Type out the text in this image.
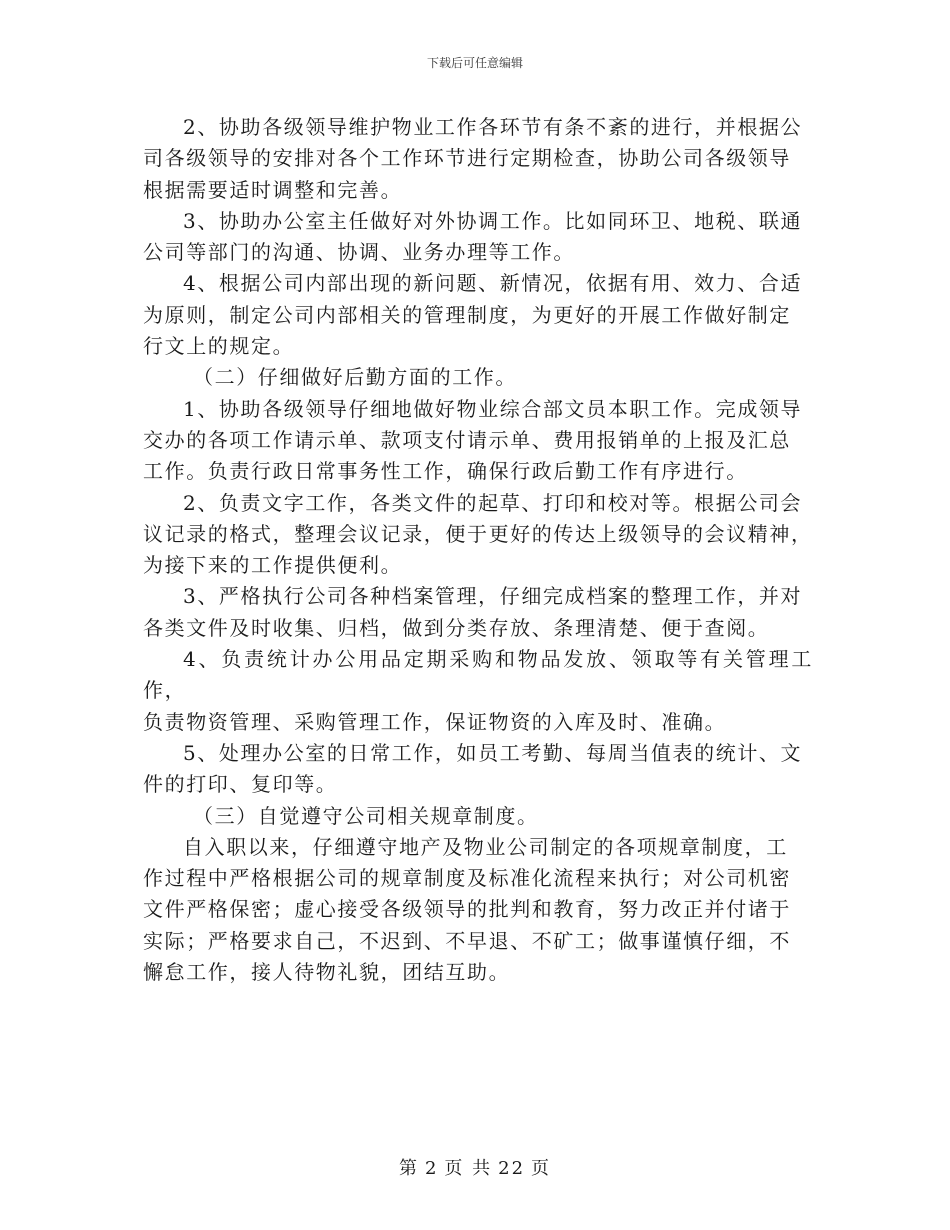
下载后可任意编辑

2、协助各级领导维护物业工作各环节有条不紊的进行，并根据公
司各级领导的安排对各个工作环节进行定期检查，协助公司各级领导
根据需要适时调整和完善。

3、协助办公室主任做好对外协调工作。比如同环卫、地税、联通
公司等部门的沟通、协调、业务办理等工作。

4、根据公司内部出现的新问题、新情况，依据有用、效力、合适
为原则，制定公司内部相关的管理制度，为更好的开展工作做好制定
行文上的规定。

（二）仔细做好后勤方面的工作。

1、协助各级领导仔细地做好物业综合部文员本职工作。完成领导
交办的各项工作请示单、款项支付请示单、费用报销单的上报及汇总
工作。负责行政日常事务性工作，确保行政后勤工作有序进行。

2、负责文字工作，各类文件的起草、打印和校对等。根据公司会
议记录的格式，整理会议记录，便于更好的传达上级领导的会议精神，
为接下来的工作提供便利。

3、严格执行公司各种档案管理，仔细完成档案的整理工作，并对
各类文件及时收集、归档，做到分类存放、条理清楚、便于查阅。

4、负责统计办公用品定期采购和物品发放、领取等有关管理工作，
负责物资管理、采购管理工作，保证物资的入库及时、准确。

5、处理办公室的日常工作，如员工考勤、每周当值表的统计、文
件的打印、复印等。

（三）自觉遵守公司相关规章制度。

自入职以来，仔细遵守地产及物业公司制定的各项规章制度，工
作过程中严格根据公司的规章制度及标准化流程来执行；对公司机密
文件严格保密；虚心接受各级领导的批判和教育，努力改正并付诸于
实际；严格要求自己，不迟到、不早退、不矿工；做事谨慎仔细，不
懈怠工作，接人待物礼貌，团结互助。

第 2 页 共 22 页
